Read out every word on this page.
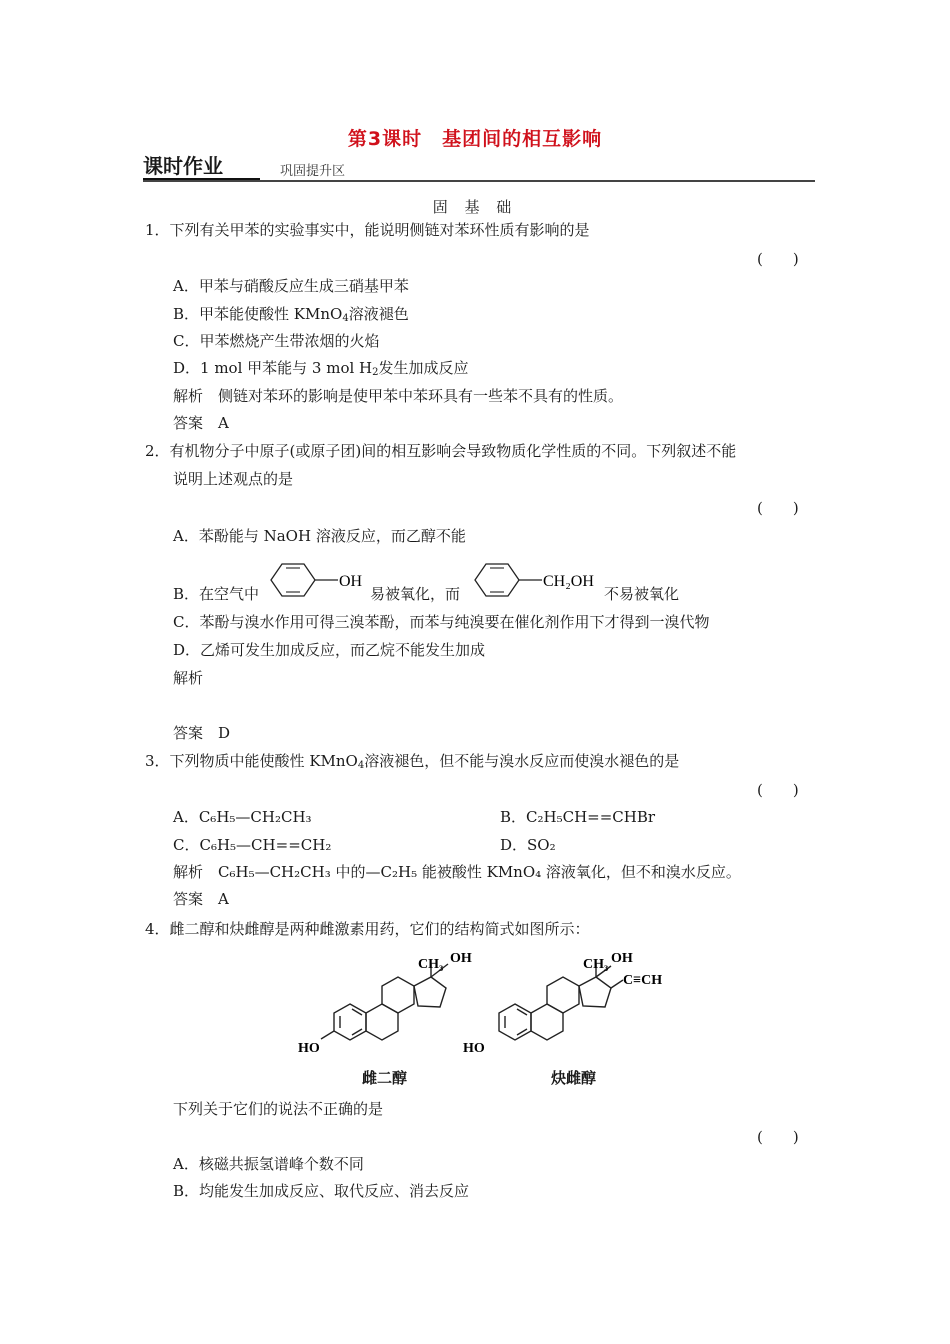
第3课时　基团间的相互影响
课时作业	巩固提升区
固 基 础
1．下列有关甲苯的实验事实中，能说明侧链对苯环性质有影响的是
(　　)
A．甲苯与硝酸反应生成三硝基甲苯
B．甲苯能使酸性 KMnO$_4$溶液褪色
C．甲苯燃烧产生带浓烟的火焰
D．1 mol 甲苯能与 3 mol $H_2$发生加成反应
解析　侧链对苯环的影响是使甲苯中苯环具有一些苯不具有的性质。
答案　A
2．有机物分子中原子(或原子团)间的相互影响会导致物质化学性质的不同。下列叙述不能
说明上述观点的是
(　　)
A．苯酚能与 NaOH 溶液反应，而乙醇不能
B．在空气中
OH
易被氧化，而
CH₂OH
不易被氧化
C．苯酚与溴水作用可得三溴苯酚，而苯与纯溴要在催化剂作用下才得到一溴代物
D．乙烯可发生加成反应，而乙烷不能发生加成
解析
答案　D
3．下列物质中能使酸性 KMnO$_4$溶液褪色，但不能与溴水反应而使溴水褪色的是
(　　)
A．C₆H₅—CH₂CH₃	B．C₂H₅CH==CHBr
C．C₆H₅—CH==CH₂	D．SO₂
解析　C₆H₅—CH₂CH₃ 中的—C₂H₅ 能被酸性 KMnO₄ 溶液氧化，但不和溴水反应。
答案　A
4．雌二醇和炔雌醇是两种雌激素用药，它们的结构简式如图所示：
CH₃ OH
HO
雌二醇
CH₃ OH
C≡CH
HO
炔雌醇
下列关于它们的说法不正确的是
(　　)
A．核磁共振氢谱峰个数不同
B．均能发生加成反应、取代反应、消去反应
